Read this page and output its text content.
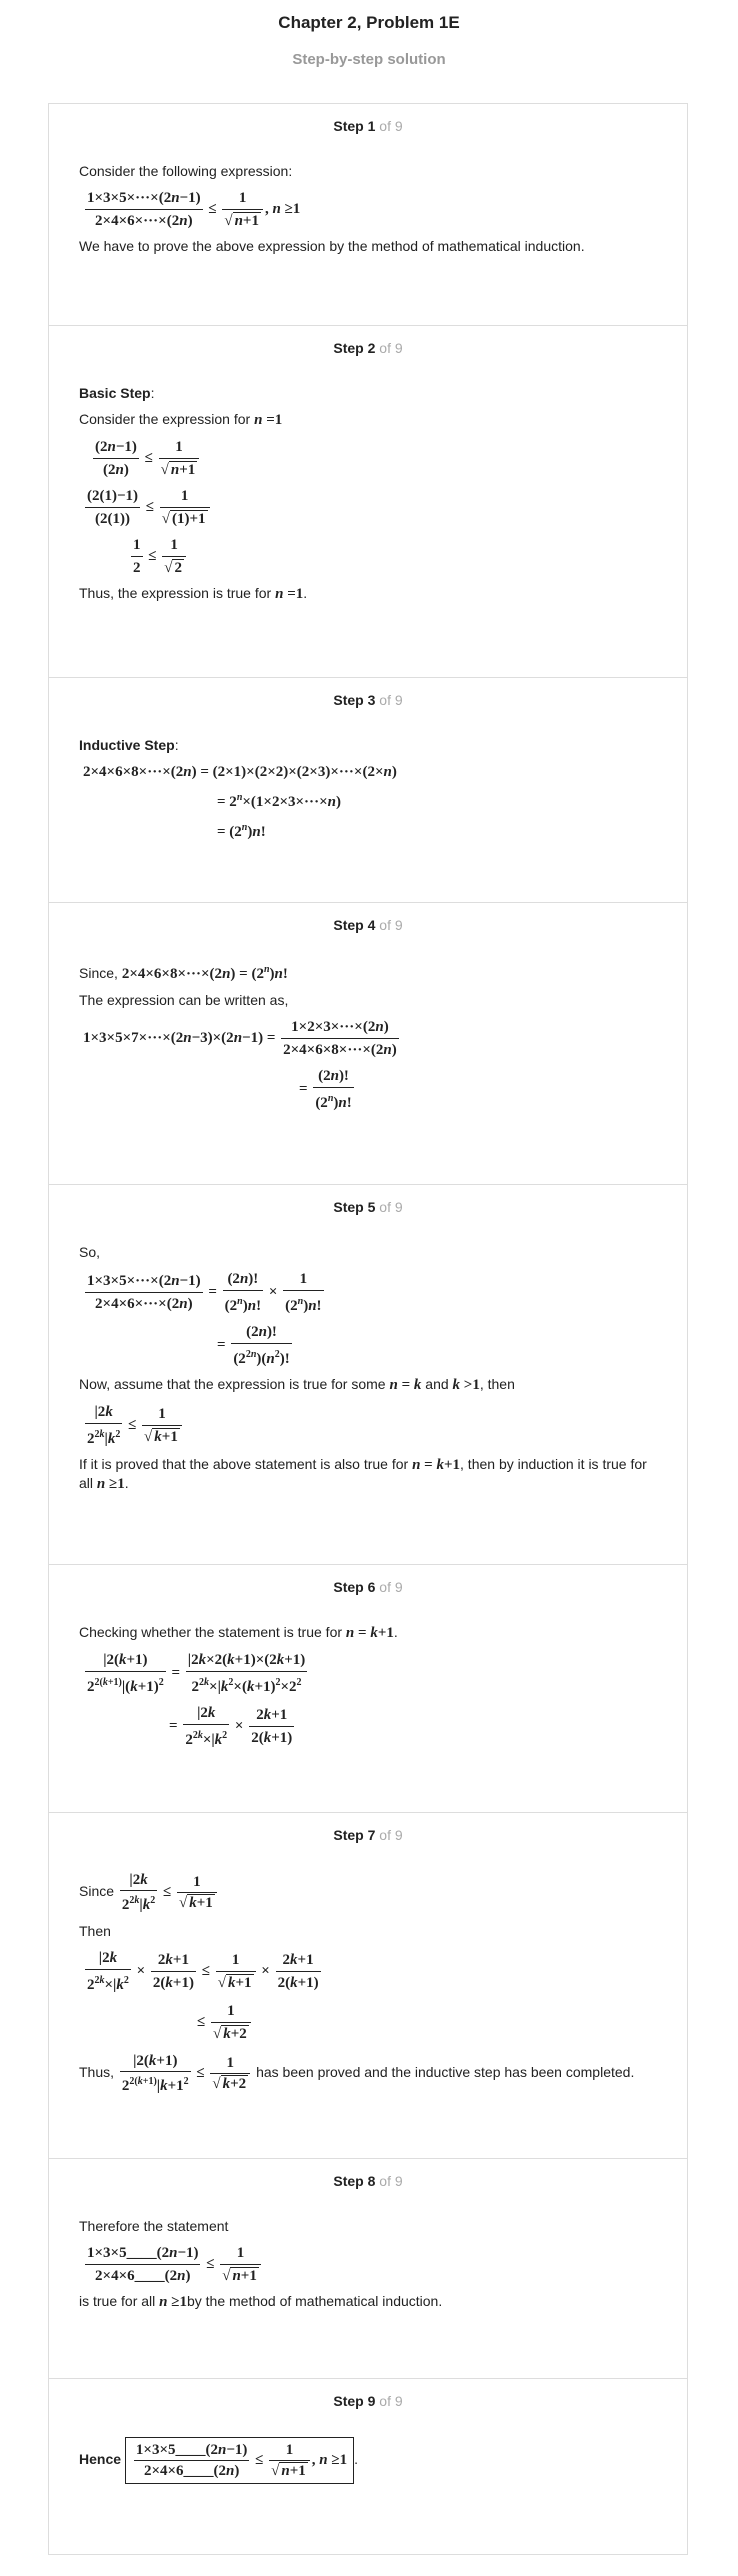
Chapter 2, Problem 1E
Step-by-step solution
Step 1 of 9

Consider the following expression:

$\frac{1\times 3\times 5\times\cdot\cdot\cdot\times(2n-1)}{2\times 4\times 6\times\cdot\cdot\cdot\times(2n)} \le \frac{1}{√ n+1}$ , n ≥1

We have to prove the above expression by the method of mathematical induction.

Step 2 of 9

Basic Step:

Consider the expression for n =1

$\frac{(2n-1)}{(2n)} \le \frac{1}{√ n+1}$
$\frac{(2(1)-1)}{(2(1))} \le \frac{1}{√ (1)+1}$
$\frac{1}{2} \le \frac{1}{√ 2}$

Thus, the expression is true for n =1.

Step 3 of 9

Inductive Step:

2×4×6×8×···×(2n) = (2×1)×(2×2)×(2×3)×···×(2×n)
= $2^n\times(1\times 2\times 3\times\cdot\cdot\cdot\times n)$
= $(2^n)n$!
Step 4 of 9

Since, $2\times 4\times 6\times 8\times\cdot\cdot\cdot\times(2n) = (2^n)n$!

The expression can be written as,

$1\times 3\times 5\times 7\times\cdot\cdot\cdot\times(2n-3)\times(2n-1) = \frac{1\times 2\times 3\times\cdot\cdot\cdot\times(2n)}{2\times 4\times 6\times 8\times\cdot\cdot\cdot\times(2n)}$
= $\frac{(2n)!}{(2^n)n!}$
Step 5 of 9

So,

$\frac{1\times 3\times 5\times\cdot\cdot\cdot\times(2n-1)}{2\times 4\times 6\times\cdot\cdot\cdot\times(2n)} = \frac{(2n)!}{(2^n)n!} \times \frac{1}{(2^n)n!}$
= $\frac{(2n)!}{(2^{2n})(n^2)!}$

Now, assume that the expression is true for some n = k and k >1, then

$\frac{|2k}{2^{2k}|k^2} \le \frac{1}{√ k+1}$

If it is proved that the above statement is also true for n = k+1, then by induction it is true for all n ≥1.

Step 6 of 9

Checking whether the statement is true for n = k+1.

$\frac{|2(k+1)}{2^{2(k+1)}|(k+1)^2} = \frac{|2k\times 2(k+1)\times(2k+1)}{2^{2k}\times|k^2\times(k+1)^2\times 2^2}$
= $\frac{|2k}{2^{2k}\times|k^2} \times \frac{2k+1}{2(k+1)}$
Step 7 of 9

Since $\frac{|2k}{2^{2k}|k^2} \le \frac{1}{√ k+1}$

Then

$\frac{|2k}{2^{2k}\times|k^2} \times \frac{2k+1}{2(k+1)} \le \frac{1}{√ k+1} \times \frac{2k+1}{2(k+1)}$
≤ $\frac{1}{√ k+2}$

Thus, $\frac{|2(k+1)}{2^{2(k+1)}|k+1^2} \le \frac{1}{√ k+2}$ has been proved and the inductive step has been completed.

Step 8 of 9

Therefore the statement

$\frac{1\times 3\times 5\_\_\_\_(2n-1)}{2\times 4\times 6\_\_\_\_(2n)} \le \frac{1}{√ n+1}$

is true for all n ≥1by the method of mathematical induction.

Step 9 of 9

Hence $\frac{1\times 3\times 5\_\_\_\_(2n-1)}{2\times 4\times 6\_\_\_\_(2n)} \le \frac{1}{√ n+1}$ , n ≥1.
